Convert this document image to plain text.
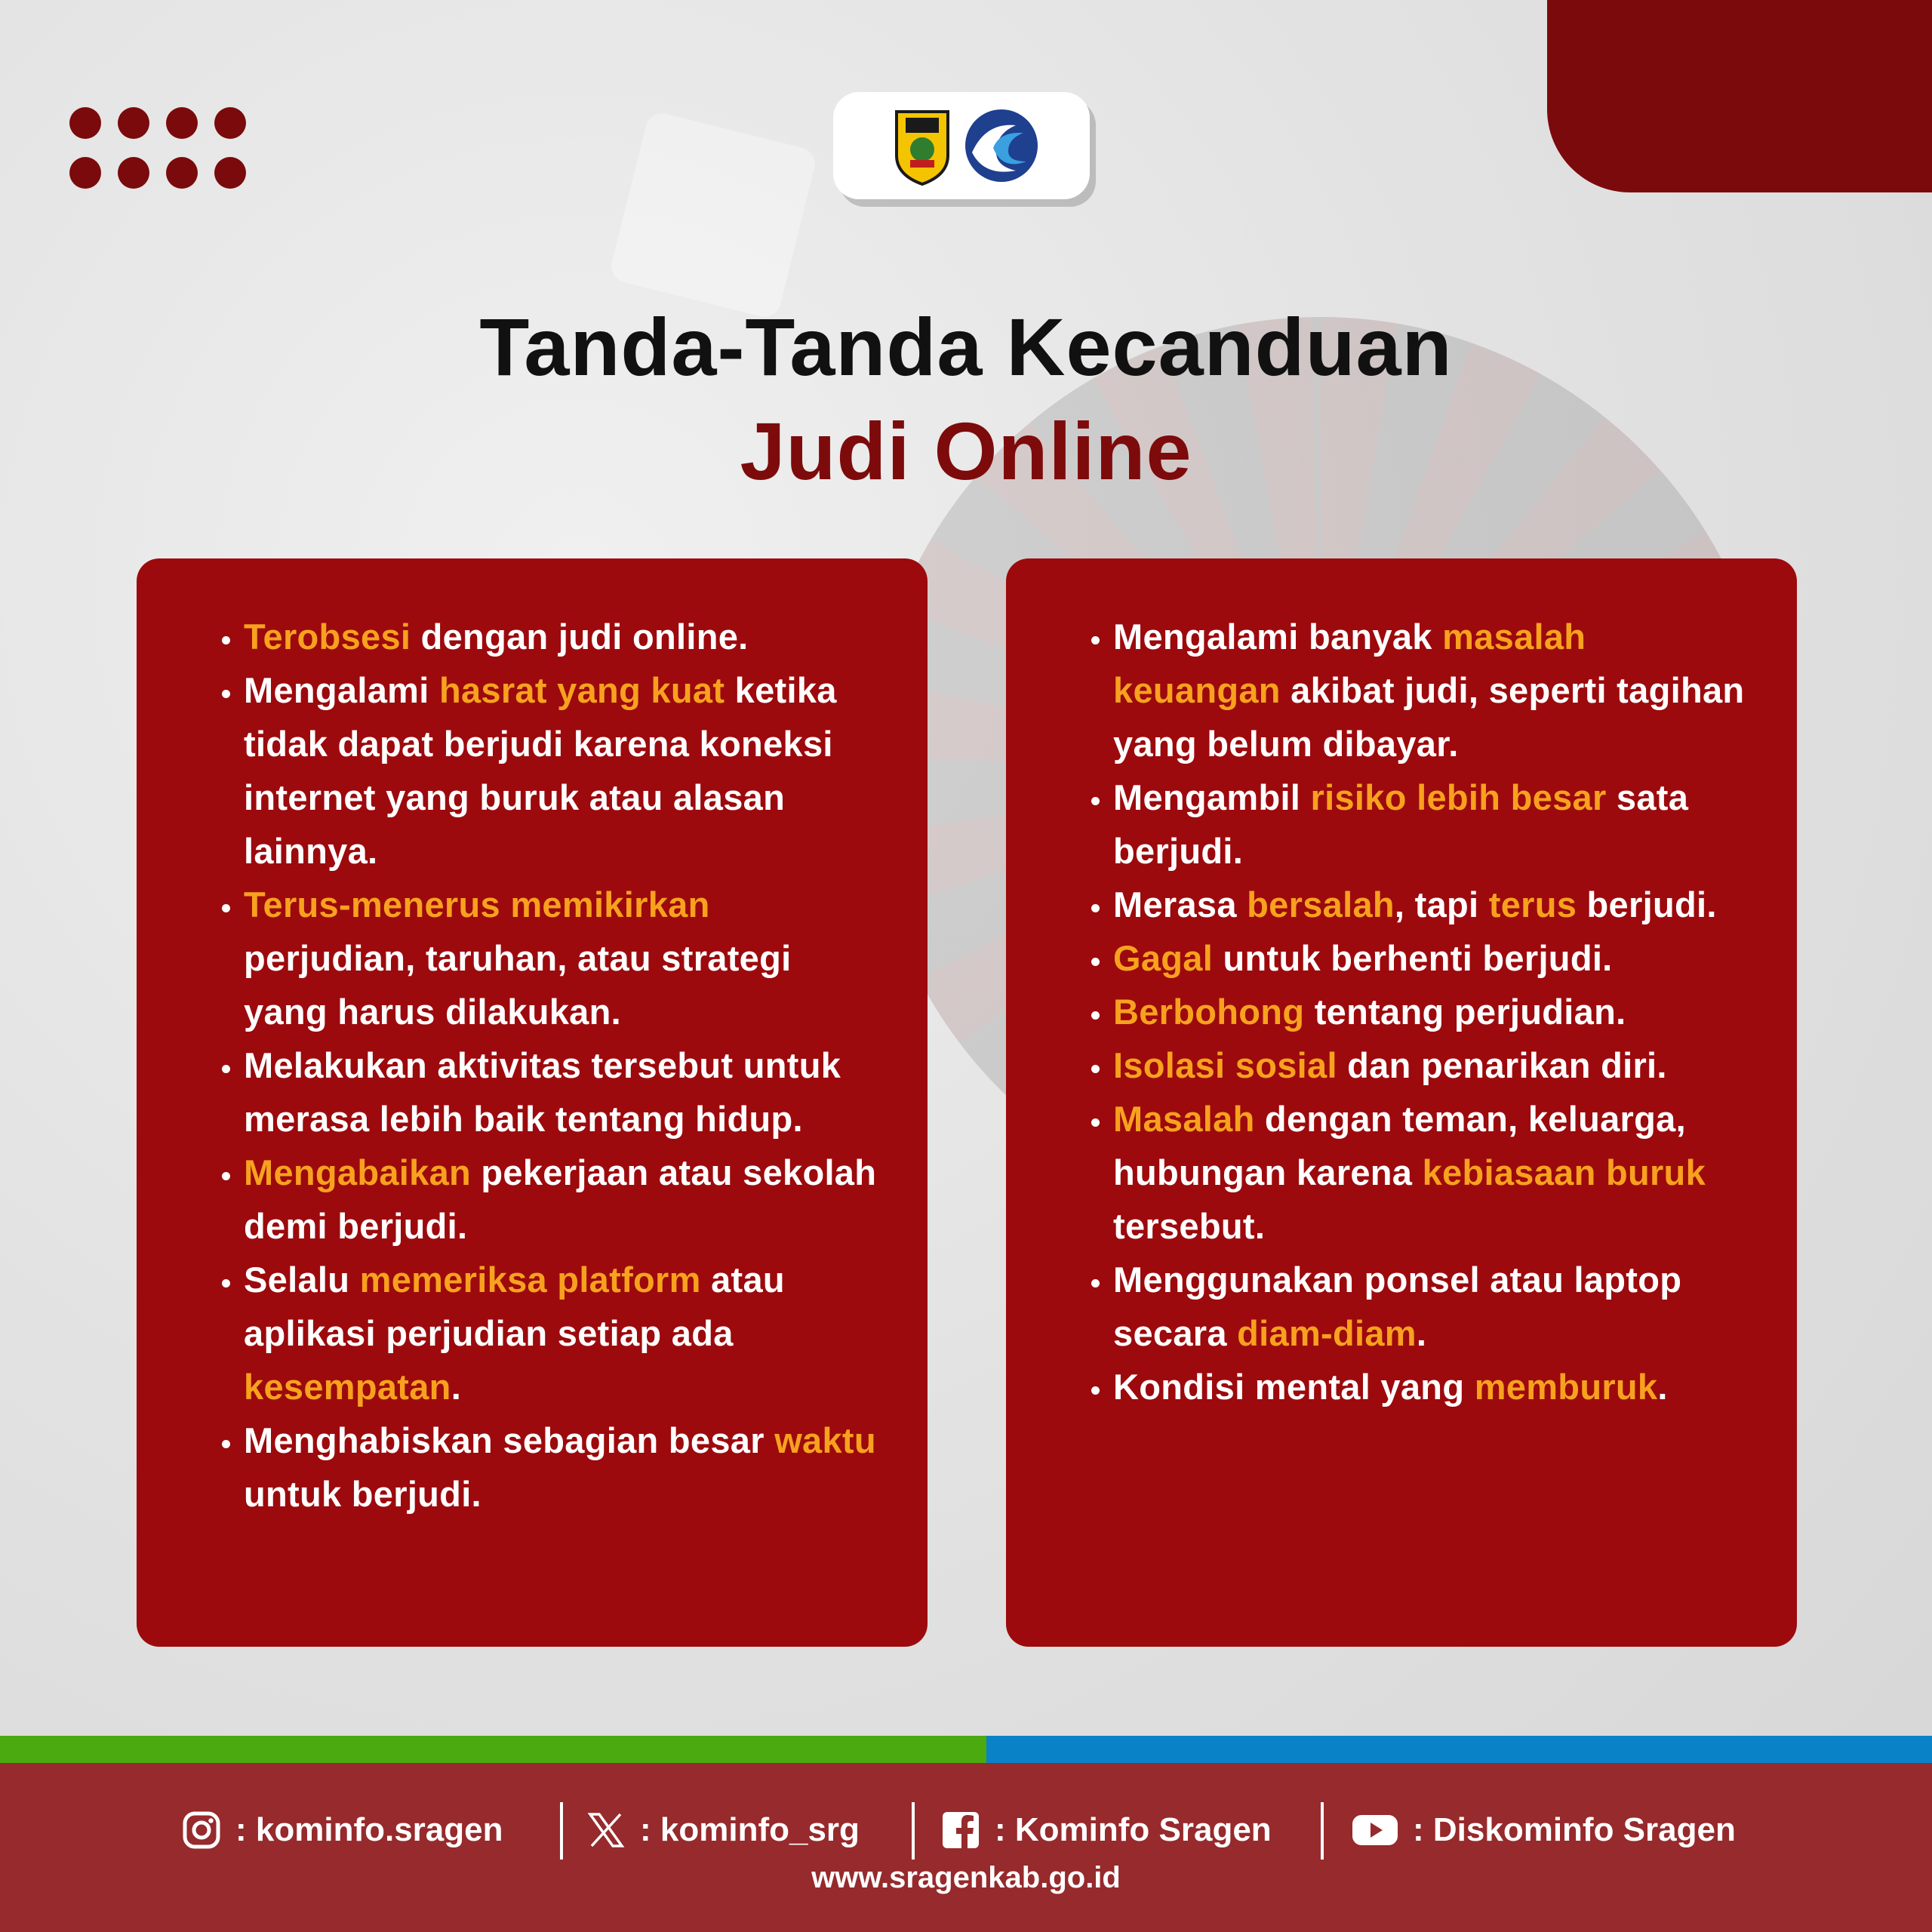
Tanda-Tanda Kecanduan
Judi Online
• Terobsesi dengan judi online.
• Mengalami hasrat yang kuat ketika tidak dapat berjudi karena koneksi internet yang buruk atau alasan lainnya.
• Terus-menerus memikirkan perjudian, taruhan, atau strategi yang harus dilakukan.
• Melakukan aktivitas tersebut untuk merasa lebih baik tentang hidup.
• Mengabaikan pekerjaan atau sekolah demi berjudi.
• Selalu memeriksa platform atau aplikasi perjudian setiap ada kesempatan.
• Menghabiskan sebagian besar waktu untuk berjudi.
• Mengalami banyak masalah keuangan akibat judi, seperti tagihan yang belum dibayar.
• Mengambil risiko lebih besar sata berjudi.
• Merasa bersalah, tapi terus berjudi.
• Gagal untuk berhenti berjudi.
• Berbohong tentang perjudian.
• Isolasi sosial dan penarikan diri.
• Masalah dengan teman, keluarga, hubungan karena kebiasaan buruk tersebut.
• Menggunakan ponsel atau laptop secara diam-diam.
• Kondisi mental yang memburuk.
: kominfo.sragen	: kominfo_srg	: Kominfo Sragen	: Diskominfo Sragen
www.sragenkab.go.id
